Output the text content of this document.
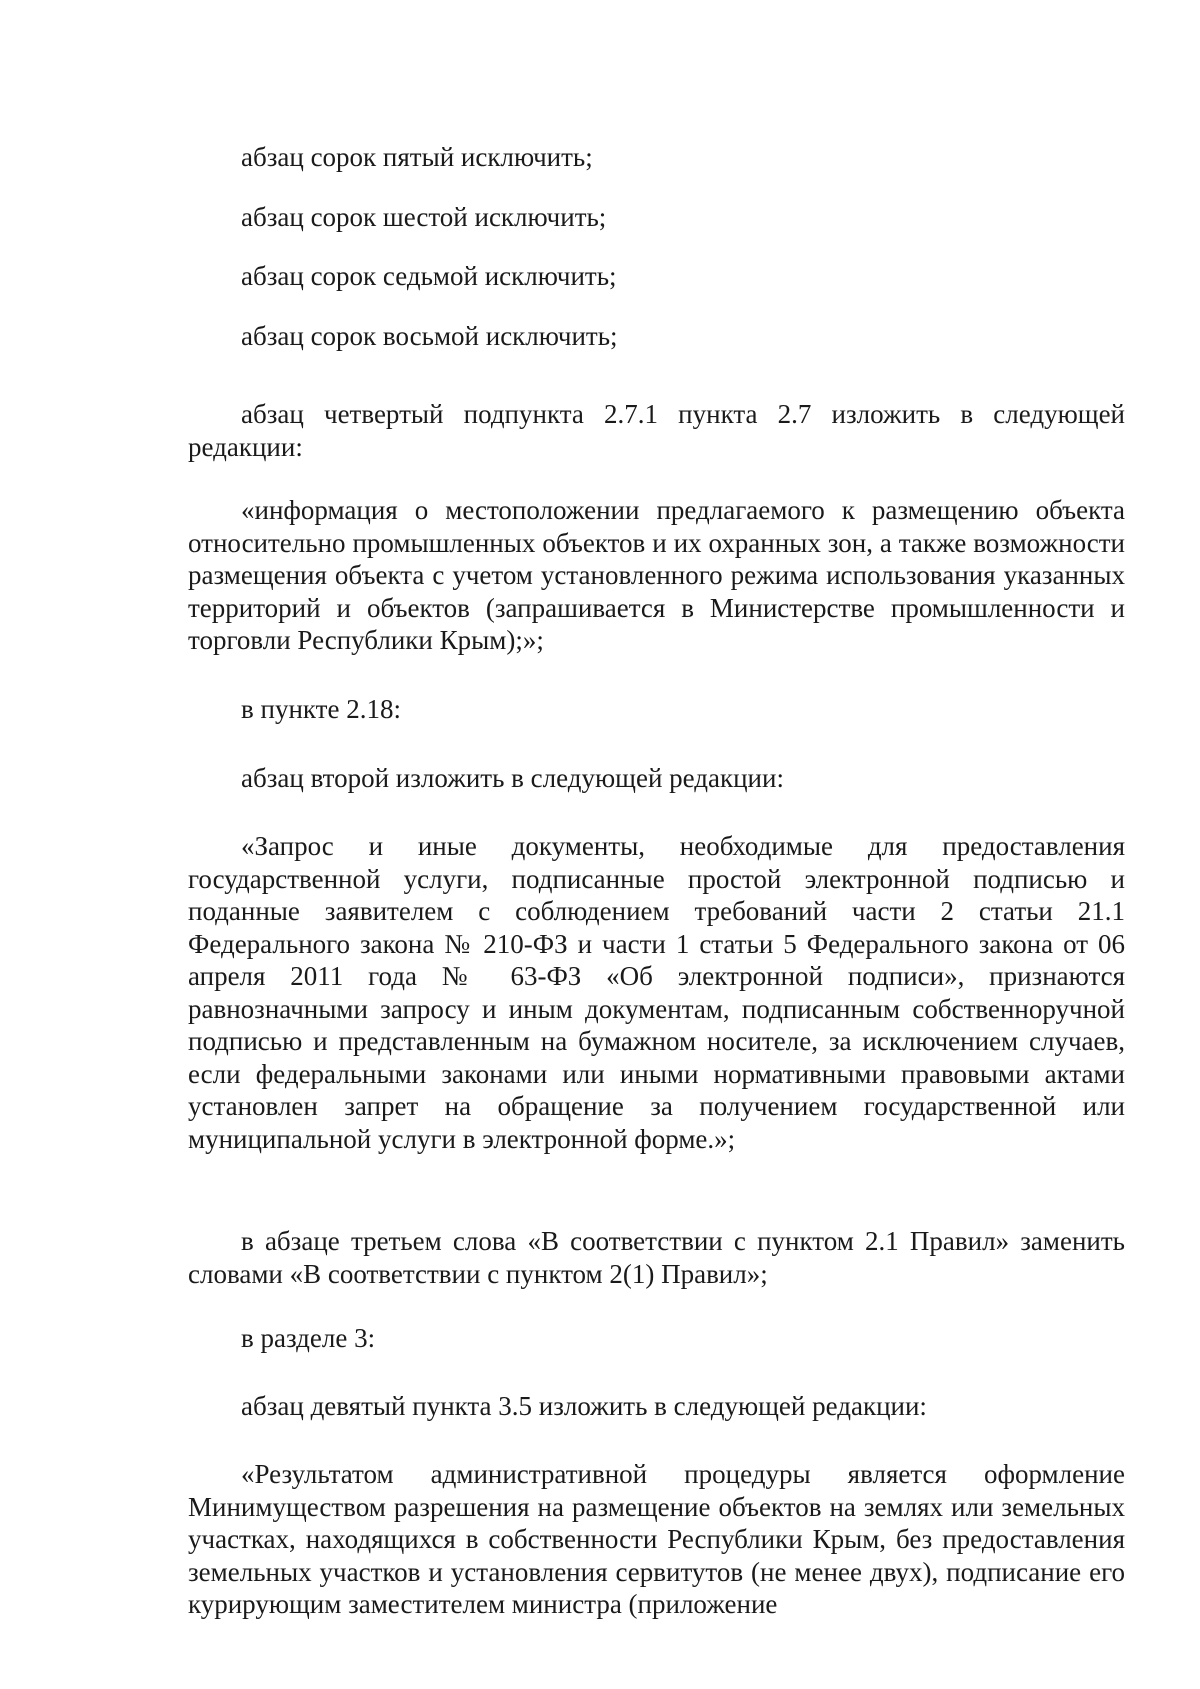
абзац сорок пятый исключить;

абзац сорок шестой исключить;

абзац сорок седьмой исключить;

абзац сорок восьмой исключить;

абзац четвертый подпункта 2.7.1 пункта 2.7 изложить в следующей редакции:

«информация о местоположении предлагаемого к размещению объекта относительно промышленных объектов и их охранных зон, а также возможности размещения объекта с учетом установленного режима использования указанных территорий и объектов (запрашивается в Министерстве промышленности и торговли Республики Крым);»;

в пункте 2.18:

абзац второй изложить в следующей редакции:

«Запрос и иные документы, необходимые для предоставления государственной услуги, подписанные простой электронной подписью и поданные заявителем с соблюдением требований части 2 статьи 21.1 Федерального закона № 210-ФЗ и части 1 статьи 5 Федерального закона от 06 апреля 2011 года № 63-ФЗ «Об электронной подписи», признаются равнозначными запросу и иным документам, подписанным собственноручной подписью и представленным на бумажном носителе, за исключением случаев, если федеральными законами или иными нормативными правовыми актами установлен запрет на обращение за получением государственной или муниципальной услуги в электронной форме.»;

в абзаце третьем слова «В соответствии с пунктом 2.1 Правил» заменить словами «В соответствии с пунктом 2(1) Правил»;

в разделе 3:

абзац девятый пункта 3.5 изложить в следующей редакции:

«Результатом административной процедуры является оформление Минимуществом разрешения на размещение объектов на землях или земельных участках, находящихся в собственности Республики Крым, без предоставления земельных участков и установления сервитутов (не менее двух), подписание его курирующим заместителем министра (приложение
